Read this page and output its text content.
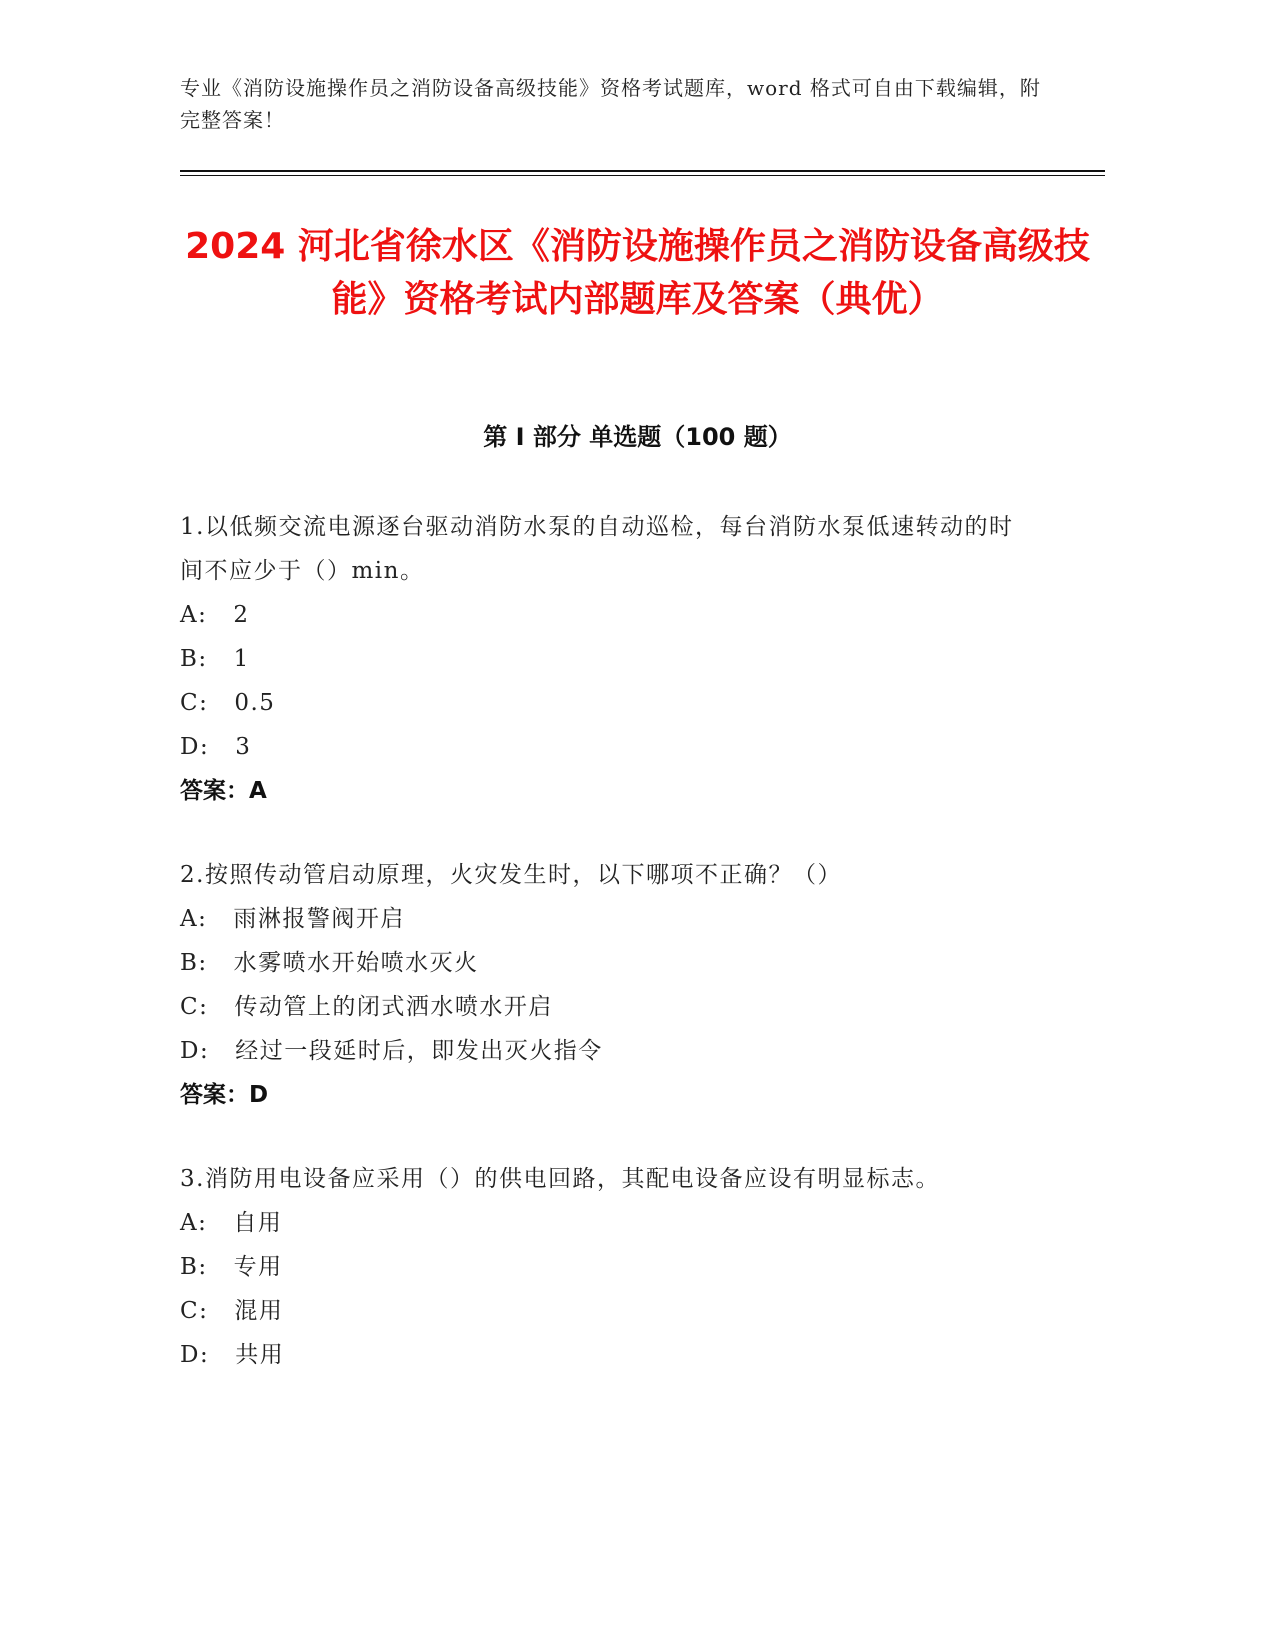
专业《消防设施操作员之消防设备高级技能》资格考试题库，word 格式可自由下载编辑，附完整答案！
2024 河北省徐水区《消防设施操作员之消防设备高级技能》资格考试内部题库及答案（典优）
第 I 部分 单选题（100 题）

1.以低频交流电源逐台驱动消防水泵的自动巡检，每台消防水泵低速转动的时间不应少于（）min。

A: 2

B: 1

C: 0.5

D: 3

答案：A

2.按照传动管启动原理，火灾发生时，以下哪项不正确？（）

A: 雨淋报警阀开启

B: 水雾喷水开始喷水灭火

C: 传动管上的闭式洒水喷水开启

D: 经过一段延时后，即发出灭火指令

答案：D

3.消防用电设备应采用（）的供电回路，其配电设备应设有明显标志。

A: 自用

B: 专用

C: 混用

D: 共用
